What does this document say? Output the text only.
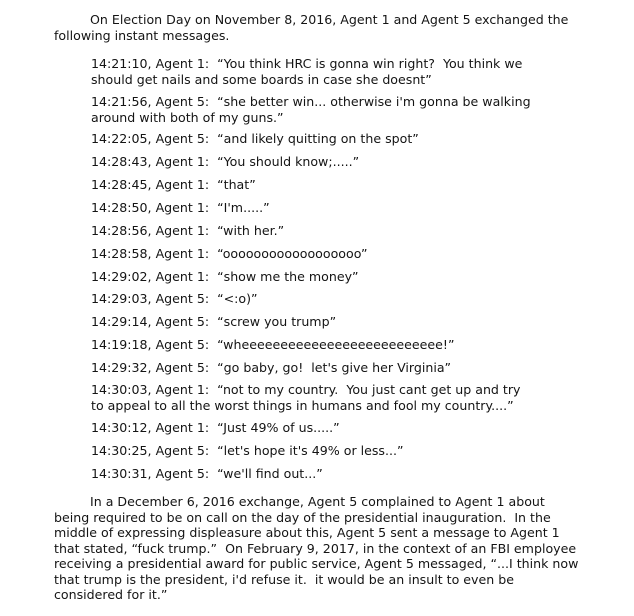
On Election Day on November 8, 2016, Agent 1 and Agent 5 exchanged the
following instant messages.

14:21:10, Agent 1:  “You think HRC is gonna win right?  You think we
should get nails and some boards in case she doesnt”

14:21:56, Agent 5:  “she better win... otherwise i'm gonna be walking
around with both of my guns.”

14:22:05, Agent 5:  “and likely quitting on the spot”

14:28:43, Agent 1:  “You should know;.....”

14:28:45, Agent 1:  “that”

14:28:50, Agent 1:  “I'm.....”

14:28:56, Agent 1:  “with her.”

14:28:58, Agent 1:  “oooooooooooooooooo”

14:29:02, Agent 1:  “show me the money”

14:29:03, Agent 5:  “<:o)”

14:29:14, Agent 5:  “screw you trump”

14:19:18, Agent 5:  “wheeeeeeeeeeeeeeeeeeeeeeeeee!”

14:29:32, Agent 5:  “go baby, go!  let's give her Virginia”

14:30:03, Agent 1:  “not to my country.  You just cant get up and try
to appeal to all the worst things in humans and fool my country....”

14:30:12, Agent 1:  “Just 49% of us.....”

14:30:25, Agent 5:  “let's hope it's 49% or less...”

14:30:31, Agent 5:  “we'll find out...”

In a December 6, 2016 exchange, Agent 5 complained to Agent 1 about
being required to be on call on the day of the presidential inauguration.  In the
middle of expressing displeasure about this, Agent 5 sent a message to Agent 1
that stated, “fuck trump.”  On February 9, 2017, in the context of an FBI employee
receiving a presidential award for public service, Agent 5 messaged, “...I think now
that trump is the president, i'd refuse it.  it would be an insult to even be
considered for it.”
